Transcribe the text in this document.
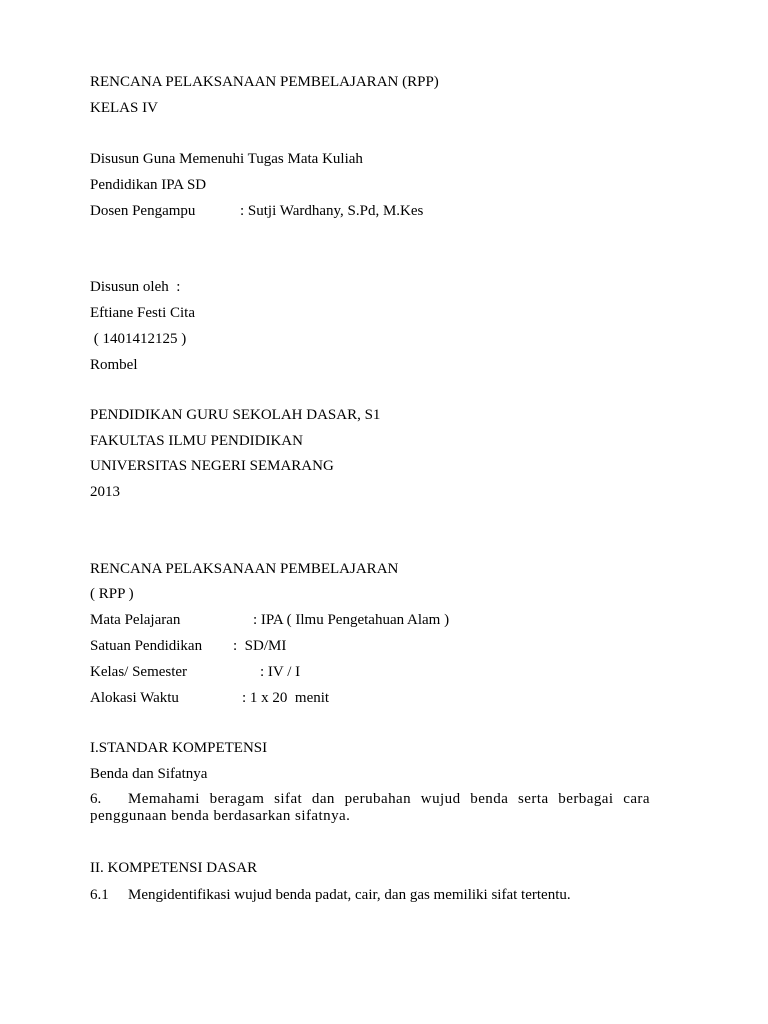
RENCANA PELAKSANAAN PEMBELAJARAN (RPP)
KELAS IV
Disusun Guna Memenuhi Tugas Mata Kuliah
Pendidikan IPA SD
Dosen Pengampu	: Sutji Wardhany, S.Pd, M.Kes
Disusun oleh  :
Eftiane Festi Cita
( 1401412125 )
Rombel
PENDIDIKAN GURU SEKOLAH DASAR, S1
FAKULTAS ILMU PENDIDIKAN
UNIVERSITAS NEGERI SEMARANG
2013
RENCANA PELAKSANAAN PEMBELAJARAN
( RPP )
Mata Pelajaran	: IPA ( Ilmu Pengetahuan Alam )
Satuan Pendidikan :  SD/MI
Kelas/ Semester	: IV / I
Alokasi Waktu	: 1 x 20  menit
I.STANDAR KOMPETENSI
Benda dan Sifatnya
6. Memahami beragam sifat dan perubahan wujud benda serta berbagai cara penggunaan benda berdasarkan sifatnya.
II. KOMPETENSI DASAR
6.1 Mengidentifikasi wujud benda padat, cair, dan gas memiliki sifat tertentu.
